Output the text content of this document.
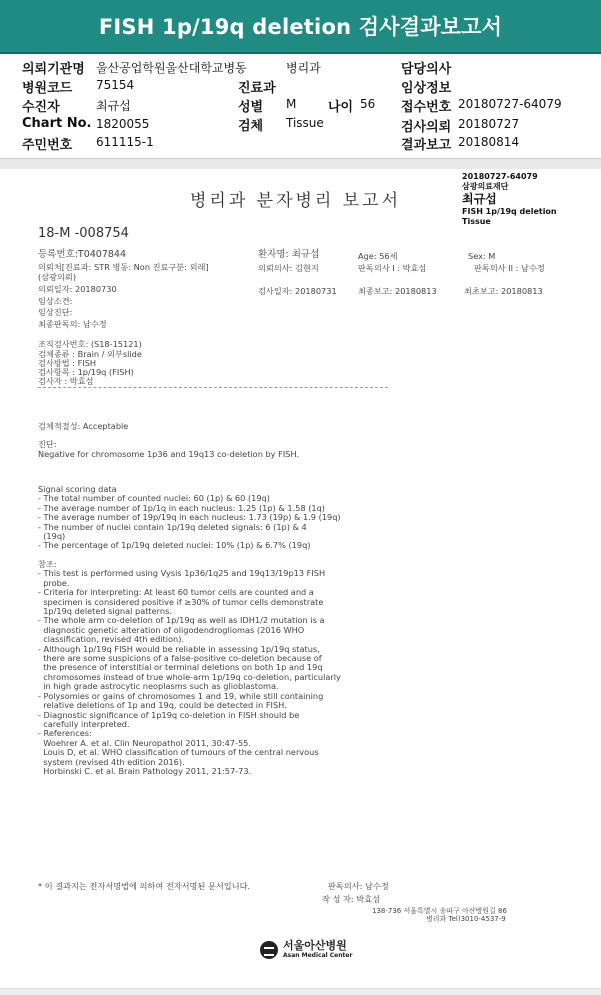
FISH 1p/19q deletion 검사결과보고서
의뢰기관명 울산공업학원울산대학교병동	병리과	담당의사
병원코드 75154	진료과	임상정보
수진자	최규섭	성별 M 나이 56 접수번호 20180727-64079
Chart No. 1820055	검체 Tissue	검사의뢰 20180727
주민번호 611115-1	결과보고 20180814
병리과 분자병리 보고서
20180727-64079
삼광의료재단
최규섭
FISH 1p/19q deletion
Tissue
18-M -008754
등록번호:T0407844	환자명: 최규섭	Age: 56세	Sex: M
의뢰처[진료과: STR 병동: Non 진료구분: 외래]	의뢰의사: 김현지	판독의사 I : 박효섬	판독의사 II : 남수정
(삼광의뢰)
의뢰일자: 20180730	검사일자: 20180731	최종보고: 20180813	최초보고: 20180813
임상소견:
임상진단:
최종판독의: 남수정
조직검사번호: (S18-15121)
검체종류 : Brain / 외부slide
검사방법 : FISH
검사항목 : 1p/19q (FISH)
검사자 : 박효섬
검체적절성: Acceptable
진단:
Negative for chromosome 1p36 and 19q13 co-deletion by FISH.
Signal scoring data
- The total number of counted nuclei: 60 (1p) & 60 (19q)
- The average number of 1p/1q in each nucleus: 1.25 (1p) & 1.58 (1q)
- The average number of 19p/19q in each nucleus: 1.73 (19p) & 1.9 (19q)
- The number of nuclei contain 1p/19q deleted signals: 6 (1p) & 4
(19q)
- The percentage of 1p/19q deleted nuclei: 10% (1p) & 6.7% (19q)
참조:
- This test is performed using Vysis 1p36/1q25 and 19q13/19p13 FISH
probe.
- Criteria for interpreting: At least 60 tumor cells are counted and a
specimen is considered positive if ≥30% of tumor cells demonstrate
1p/19q deleted signal patterns.
- The whole arm co-deletion of 1p/19q as well as IDH1/2 mutation is a
diagnostic genetic alteration of oligodendrogliomas (2016 WHO
classification, revised 4th edition).
- Although 1p/19q FISH would be reliable in assessing 1p/19q status,
there are some suspicions of a false-positive co-deletion because of
the presence of interstitial or terminal deletions on both 1p and 19q
chromosomes instead of true whole-arm 1p/19q co-deletion, particularly
in high grade astrocytic neoplasms such as glioblastoma.
- Polysomies or gains of chromosomes 1 and 19, while still containing
relative deletions of 1p and 19q, could be detected in FISH.
- Diagnostic significance of 1p19q co-deletion in FISH should be
carefully interpreted.
- References:
Woehrer A. et al. Clin Neuropathol 2011, 30:47-55.
Louis D, et al. WHO classification of tumours of the central nervous
system (revised 4th edition 2016).
Horbinski C. et al. Brain Pathology 2011, 21:57-73.
* 이 결과지는 전자서명법에 의하여 전자서명된 문서입니다.	판독의사: 남수정
작 성 자: 박효섬
138-736 서울특별시 송파구 아산병원길 86
병리과 Tel)3010-4537-9
서울아산병원
Asan Medical Center
